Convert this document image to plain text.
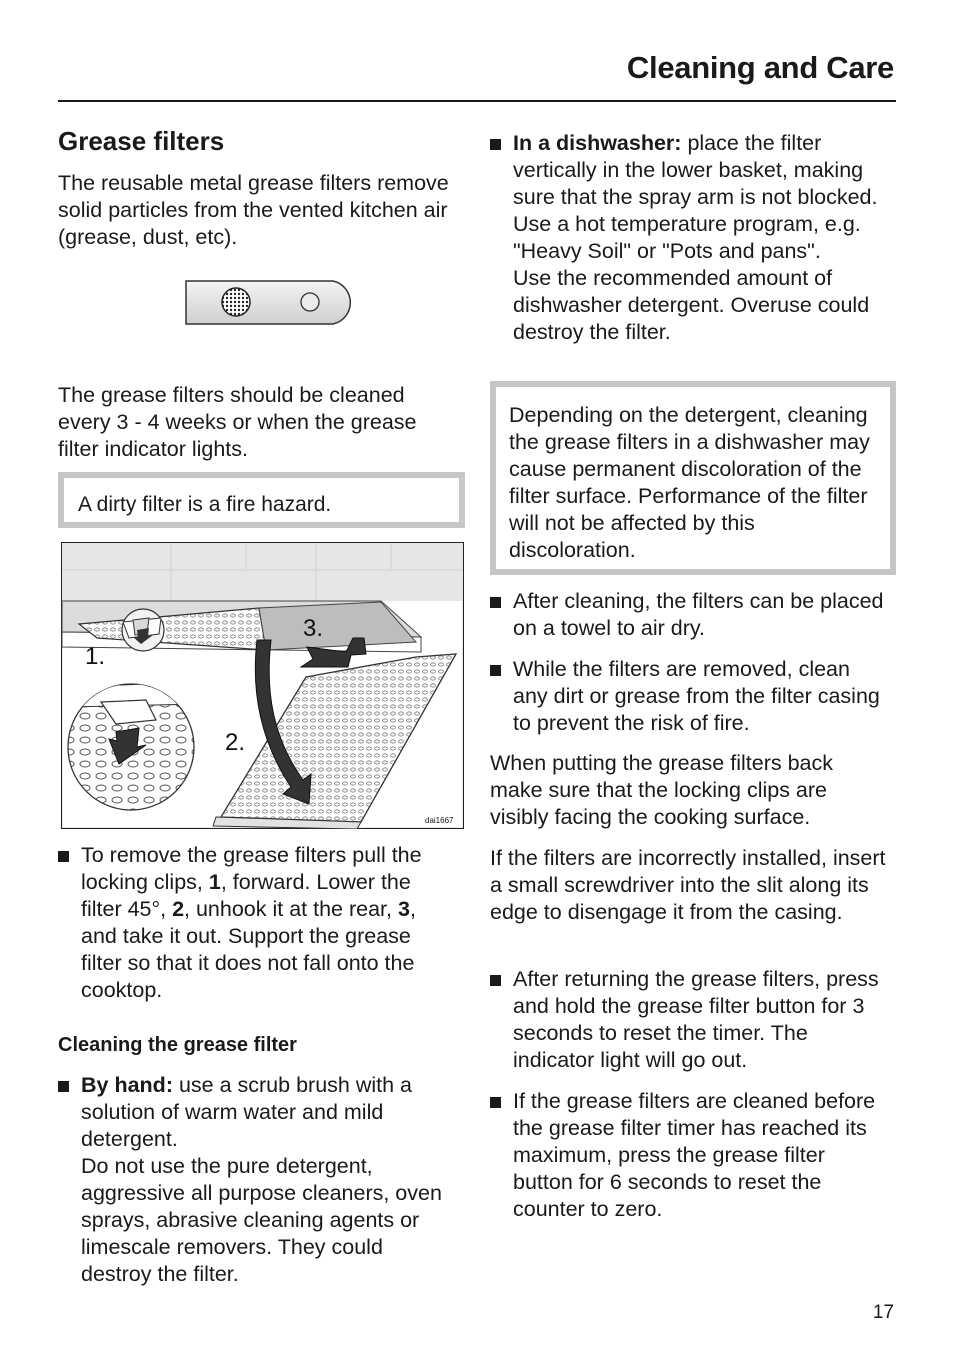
Cleaning and Care
Grease filters

The reusable metal grease filters remove solid particles from the vented kitchen air (grease, dust, etc).

The grease filters should be cleaned every 3 - 4 weeks or when the grease filter indicator lights.

A dirty filter is a fire hazard.

1.
2.
3.
dai1667
To remove the grease filters pull the locking clips, 1, forward. Lower the filter 45°, 2, unhook it at the rear, 3, and take it out. Support the grease filter so that it does not fall onto the cooktop.
Cleaning the grease filter
By hand: use a scrub brush with a solution of warm water and mild detergent.
Do not use the pure detergent, aggressive all purpose cleaners, oven sprays, abrasive cleaning agents or limescale removers. They could destroy the filter.
In a dishwasher: place the filter vertically in the lower basket, making sure that the spray arm is not blocked.
Use a hot temperature program, e.g. "Heavy Soil" or "Pots and pans".
Use the recommended amount of dishwasher detergent. Overuse could destroy the filter.

Depending on the detergent, cleaning the grease filters in a dishwasher may cause permanent discoloration of the filter surface. Performance of the filter will not be affected by this discoloration.

After cleaning, the filters can be placed on a towel to air dry.
While the filters are removed, clean any dirt or grease from the filter casing to prevent the risk of fire.

When putting the grease filters back make sure that the locking clips are visibly facing the cooking surface.

If the filters are incorrectly installed, insert a small screwdriver into the slit along its edge to disengage it from the casing.

After returning the grease filters, press and hold the grease filter button for 3 seconds to reset the timer. The indicator light will go out.
If the grease filters are cleaned before the grease filter timer has reached its maximum, press the grease filter button for 6 seconds to reset the counter to zero.
17
